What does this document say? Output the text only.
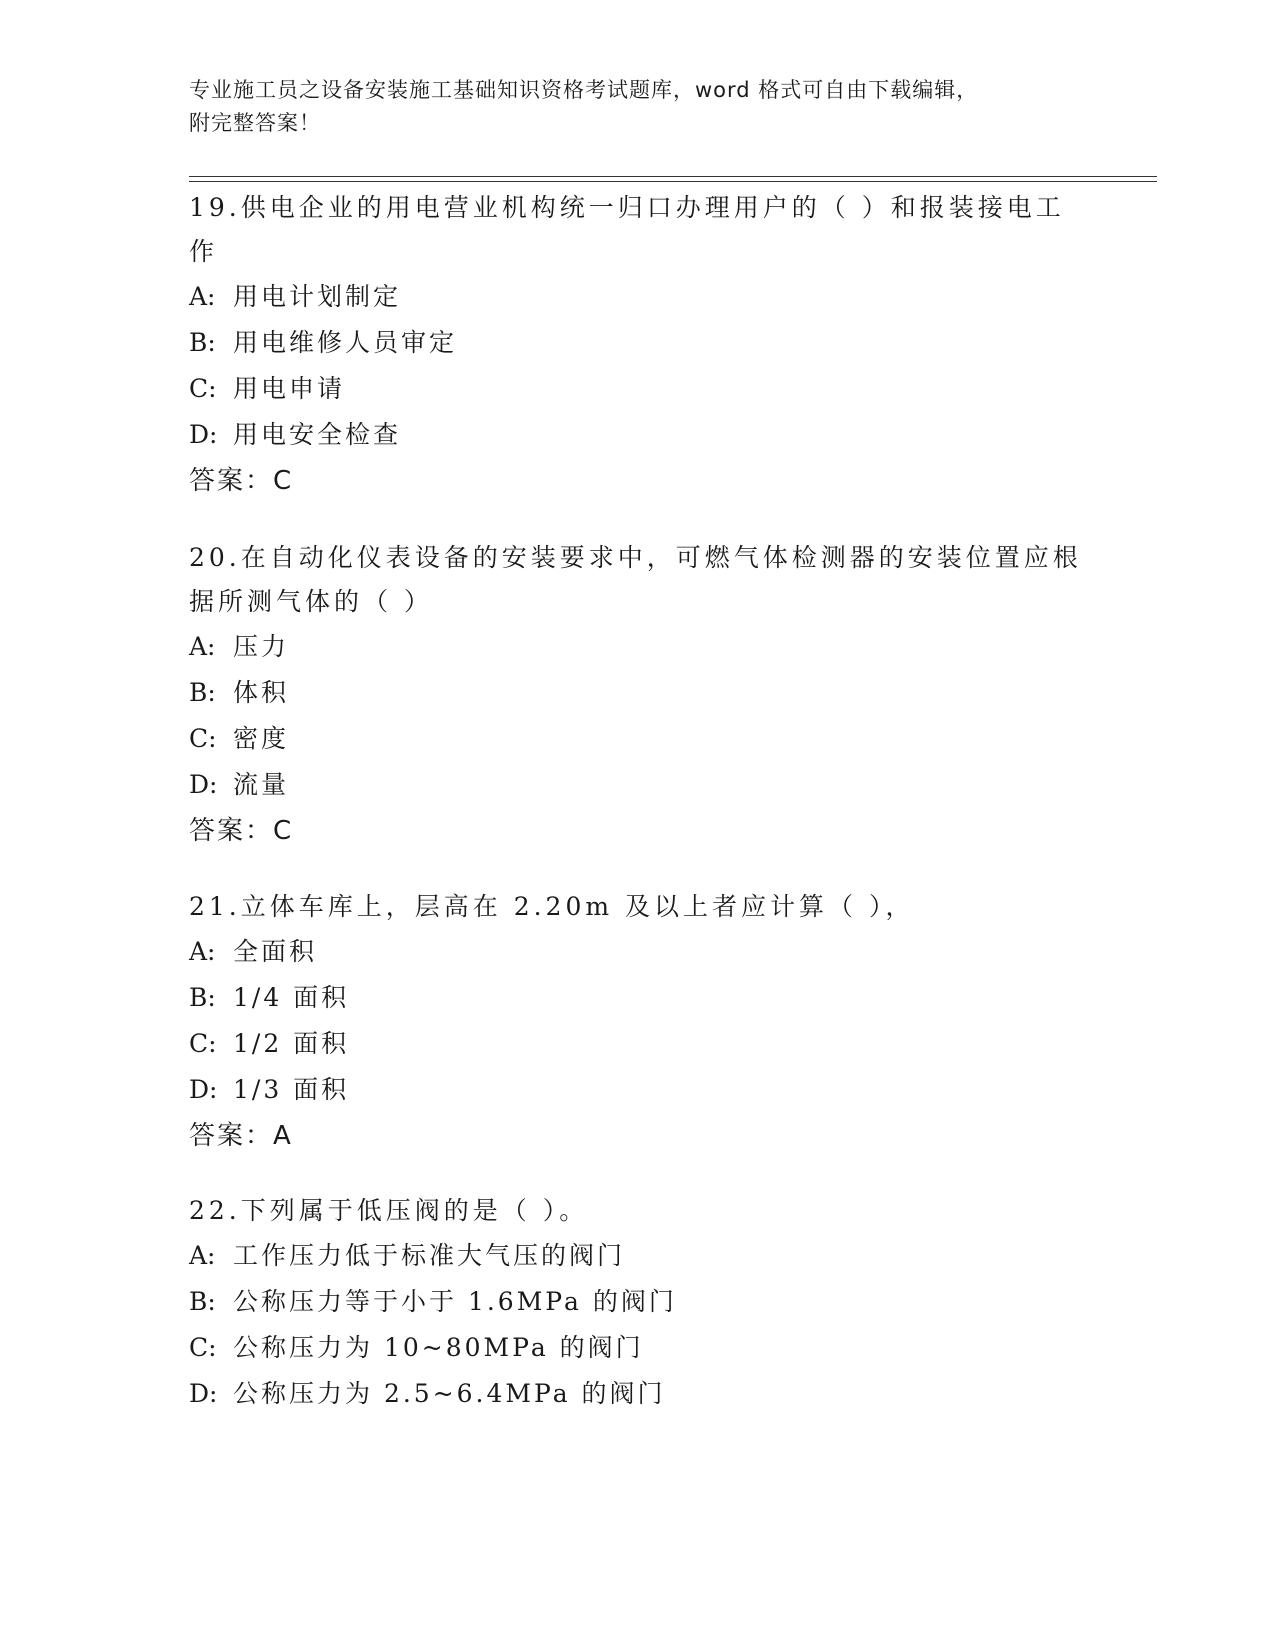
专业施工员之设备安装施工基础知识资格考试题库，word 格式可自由下载编辑，
附完整答案！

19.供电企业的用电营业机构统一归口办理用户的（ ）和报装接电工

作

A: 用电计划制定

B: 用电维修人员审定

C: 用电申请

D: 用电安全检查

答案：C

20.在自动化仪表设备的安装要求中，可燃气体检测器的安装位置应根

据所测气体的（ ）

A: 压力

B: 体积

C: 密度

D: 流量

答案：C

21.立体车库上，层高在 2.20m 及以上者应计算（ ），

A: 全面积

B: 1/4 面积

C: 1/2 面积

D: 1/3 面积

答案：A

22.下列属于低压阀的是（ ）。

A: 工作压力低于标准大气压的阀门

B: 公称压力等于小于 1.6MPa 的阀门

C: 公称压力为 10~80MPa 的阀门

D: 公称压力为 2.5~6.4MPa 的阀门
